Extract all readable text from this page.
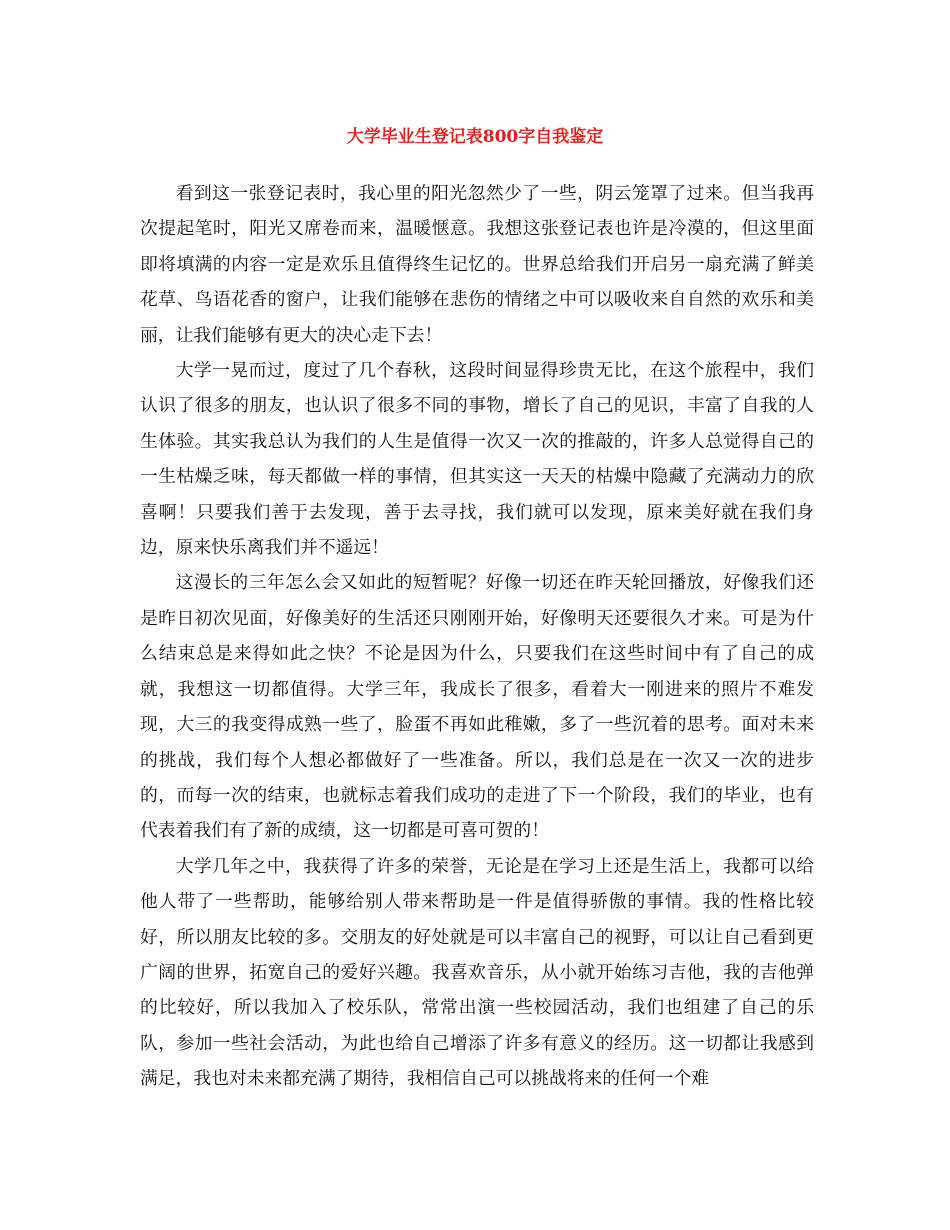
大学毕业生登记表800字自我鉴定

看到这一张登记表时，我心里的阳光忽然少了一些，阴云笼罩了过来。但当我再次提起笔时，阳光又席卷而来，温暖惬意。我想这张登记表也许是冷漠的，但这里面即将填满的内容一定是欢乐且值得终生记忆的。世界总给我们开启另一扇充满了鲜美花草、鸟语花香的窗户，让我们能够在悲伤的情绪之中可以吸收来自自然的欢乐和美丽，让我们能够有更大的决心走下去！

大学一晃而过，度过了几个春秋，这段时间显得珍贵无比，在这个旅程中，我们认识了很多的朋友，也认识了很多不同的事物，增长了自己的见识，丰富了自我的人生体验。其实我总认为我们的人生是值得一次又一次的推敲的，许多人总觉得自己的一生枯燥乏味，每天都做一样的事情，但其实这一天天的枯燥中隐藏了充满动力的欣喜啊！只要我们善于去发现，善于去寻找，我们就可以发现，原来美好就在我们身边，原来快乐离我们并不遥远！

这漫长的三年怎么会又如此的短暂呢？好像一切还在昨天轮回播放，好像我们还是昨日初次见面，好像美好的生活还只刚刚开始，好像明天还要很久才来。可是为什么结束总是来得如此之快？不论是因为什么，只要我们在这些时间中有了自己的成就，我想这一切都值得。大学三年，我成长了很多，看着大一刚进来的照片不难发现，大三的我变得成熟一些了，脸蛋不再如此稚嫩，多了一些沉着的思考。面对未来的挑战，我们每个人想必都做好了一些准备。所以，我们总是在一次又一次的进步的，而每一次的结束，也就标志着我们成功的走进了下一个阶段，我们的毕业，也有代表着我们有了新的成绩，这一切都是可喜可贺的！

大学几年之中，我获得了许多的荣誉，无论是在学习上还是生活上，我都可以给他人带了一些帮助，能够给别人带来帮助是一件是值得骄傲的事情。我的性格比较好，所以朋友比较的多。交朋友的好处就是可以丰富自己的视野，可以让自己看到更广阔的世界，拓宽自己的爱好兴趣。我喜欢音乐，从小就开始练习吉他，我的吉他弹的比较好，所以我加入了校乐队，常常出演一些校园活动，我们也组建了自己的乐队，参加一些社会活动，为此也给自己增添了许多有意义的经历。这一切都让我感到满足，我也对未来都充满了期待，我相信自己可以挑战将来的任何一个难
